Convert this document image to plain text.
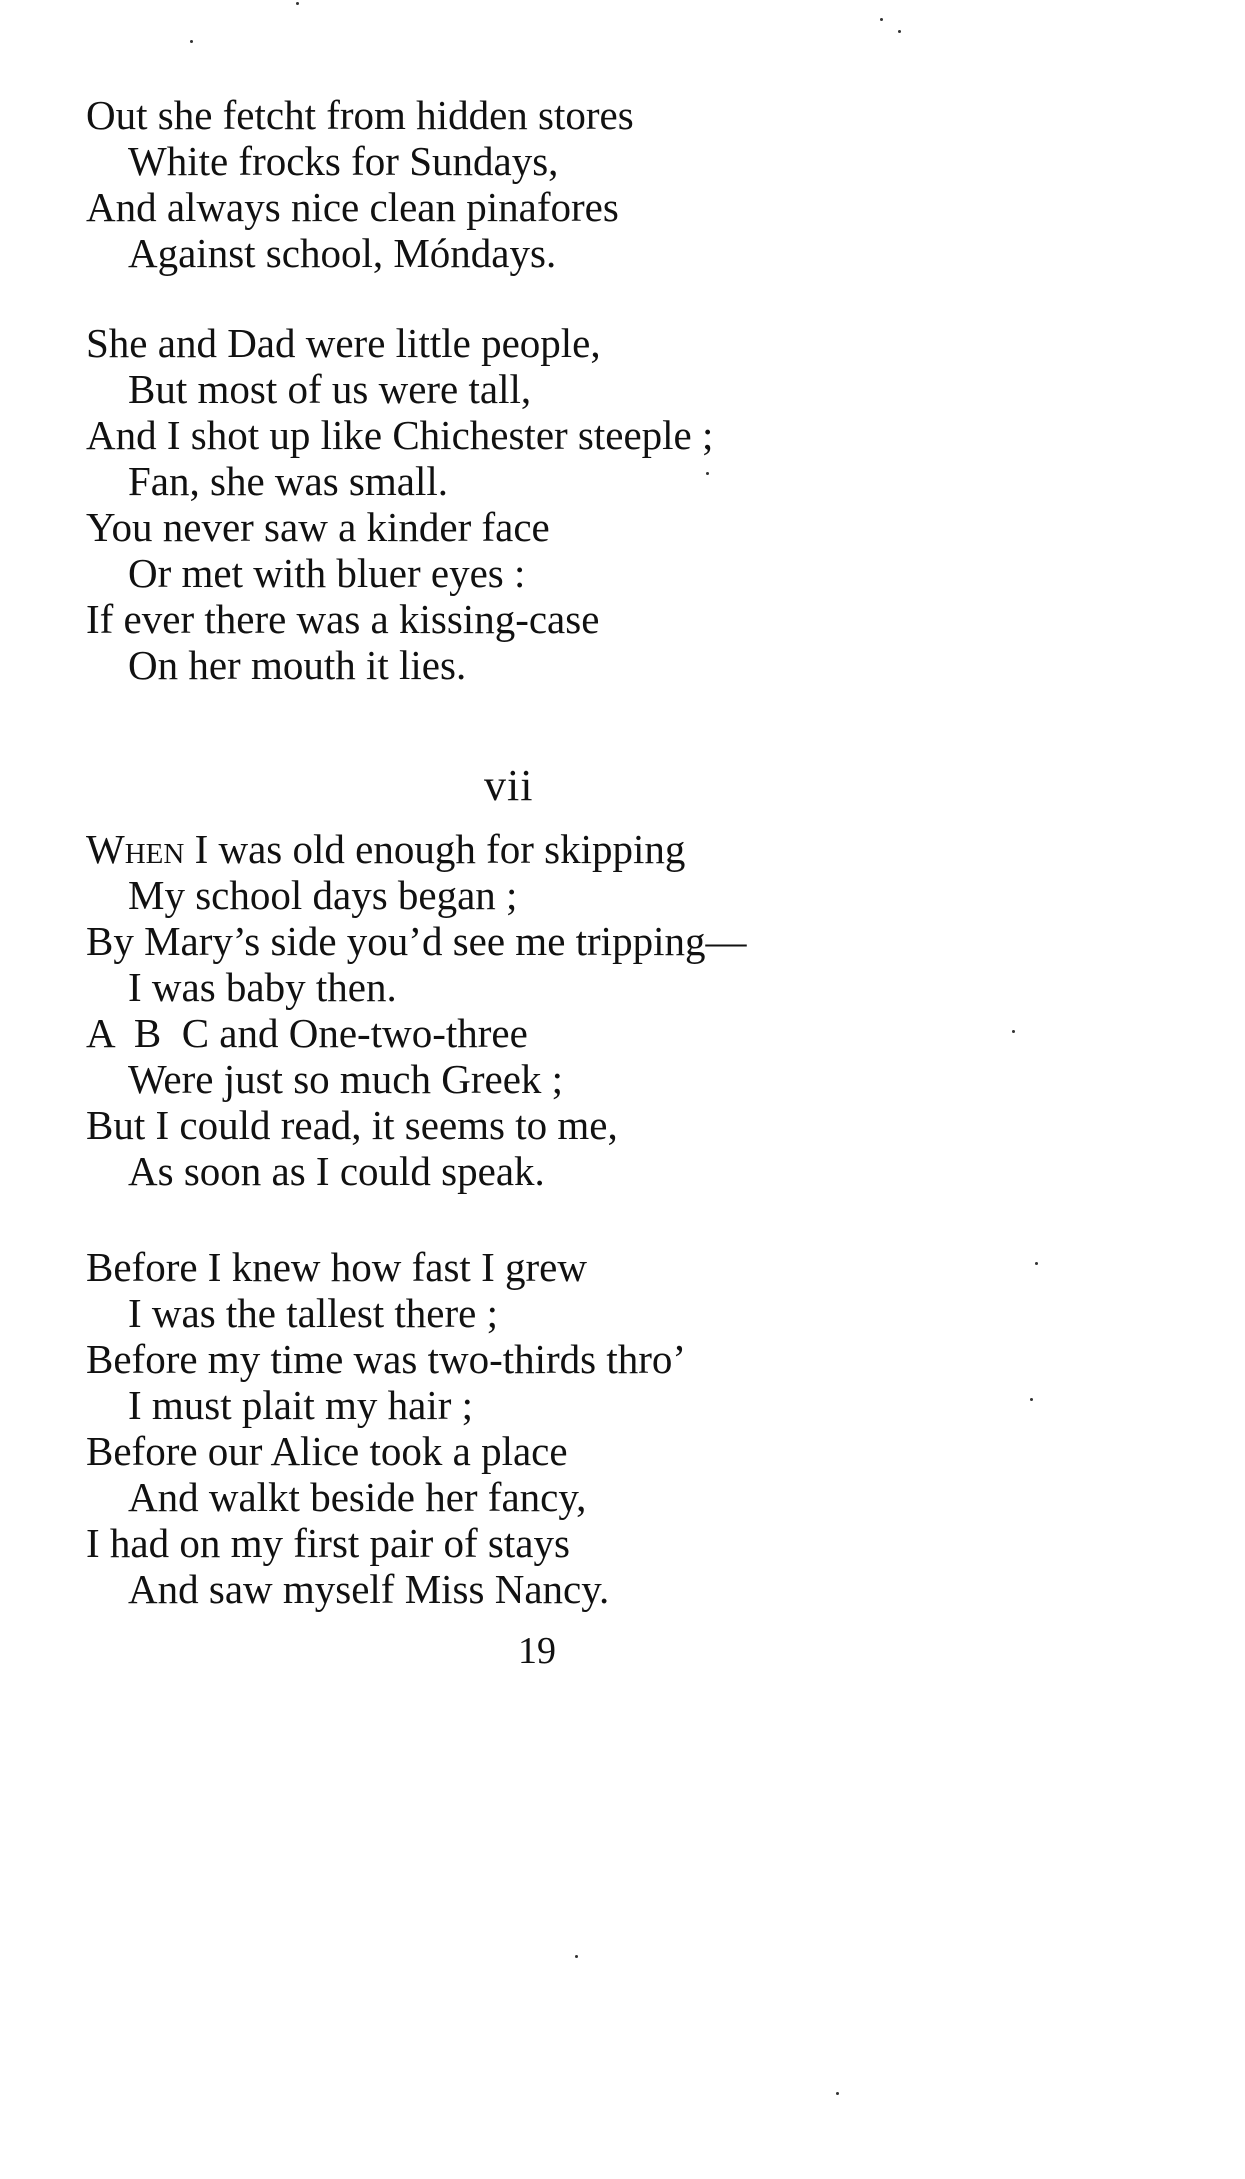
Out she fetcht from hidden stores
White frocks for Sundays,
And always nice clean pinafores
Against school, Móndays.
She and Dad were little people,
But most of us were tall,
And I shot up like Chichester steeple ;
Fan, she was small.
You never saw a kinder face
Or met with bluer eyes :
If ever there was a kissing-case
On her mouth it lies.
vii
When I was old enough for skipping
My school days began ;
By Mary’s side you’d see me tripping—
I was baby then.
A  B  C and One-two-three
Were just so much Greek ;
But I could read, it seems to me,
As soon as I could speak.
Before I knew how fast I grew
I was the tallest there ;
Before my time was two-thirds thro’
I must plait my hair ;
Before our Alice took a place
And walkt beside her fancy,
I had on my first pair of stays
And saw myself Miss Nancy.
19
